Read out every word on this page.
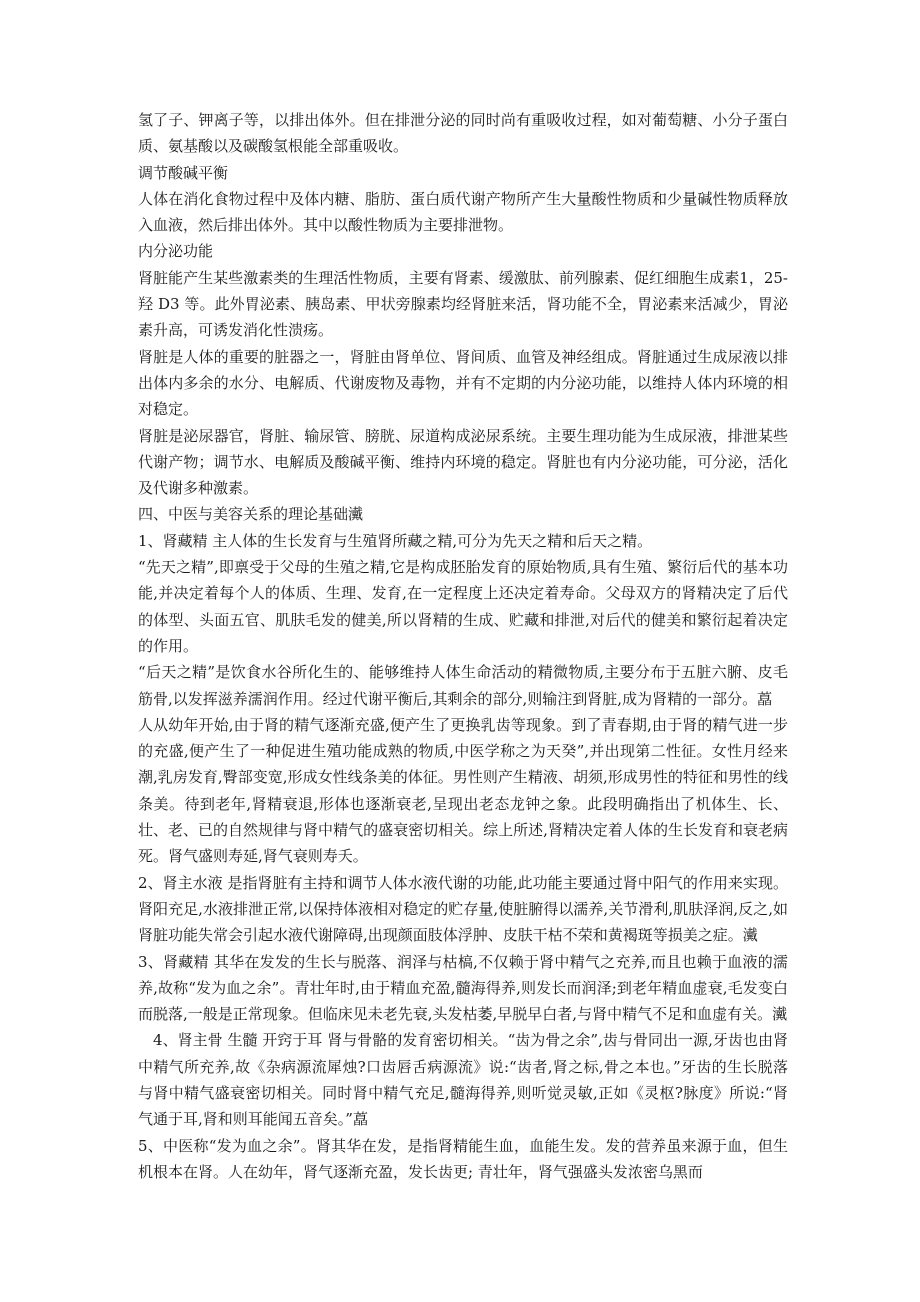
氢了子、钾离子等，以排出体外。但在排泄分泌的同时尚有重吸收过程，如对葡萄糖、小分子蛋白质、氨基酸以及碳酸氢根能全部重吸收。

调节酸碱平衡

人体在消化食物过程中及体内糖、脂肪、蛋白质代谢产物所产生大量酸性物质和少量碱性物质释放入血液，然后排出体外。其中以酸性物质为主要排泄物。

内分泌功能

肾脏能产生某些激素类的生理活性物质，主要有肾素、缓激肽、前列腺素、促红细胞生成素1，25-羟 D3 等。此外胃泌素、胰岛素、甲状旁腺素均经肾脏来活，肾功能不全，胃泌素来活减少，胃泌素升高，可诱发消化性溃疡。

肾脏是人体的重要的脏器之一，肾脏由肾单位、肾间质、血管及神经组成。肾脏通过生成尿液以排出体内多余的水分、电解质、代谢废物及毒物，并有不定期的内分泌功能，以维持人体内环境的相对稳定。

肾脏是泌尿器官，肾脏、输尿管、膀胱、尿道构成泌尿系统。主要生理功能为生成尿液，排泄某些代谢产物；调节水、电解质及酸碱平衡、维持内环境的稳定。肾脏也有内分泌功能，可分泌，活化及代谢多种激素。

四、中医与美容关系的理论基础瀻

1、肾藏精 主人体的生长发育与生殖肾所藏之精,可分为先天之精和后天之精。

“先天之精”,即禀受于父母的生殖之精,它是构成胚胎发育的原始物质,具有生殖、繁衍后代的基本功能,并决定着每个人的体质、生理、发育,在一定程度上还决定着寿命。父母双方的肾精决定了后代的体型、头面五官、肌肤毛发的健美,所以肾精的生成、贮藏和排泄,对后代的健美和繁衍起着决定的作用。

“后天之精”是饮食水谷所化生的、能够维持人体生命活动的精微物质,主要分布于五脏六腑、皮毛筋骨,以发挥滋养濡润作用。经过代谢平衡后,其剩余的部分,则输注到肾脏,成为肾精的一部分。藠

人从幼年开始,由于肾的精气逐渐充盛,便产生了更换乳齿等现象。到了青春期,由于肾的精气进一步的充盛,便产生了一种促进生殖功能成熟的物质,中医学称之为天癸”,并出现第二性征。女性月经来潮,乳房发育,臀部变宽,形成女性线条美的体征。男性则产生精液、胡须,形成男性的特征和男性的线条美。待到老年,肾精衰退,形体也逐渐衰老,呈现出老态龙钟之象。此段明确指出了机体生、长、壮、老、已的自然规律与肾中精气的盛衰密切相关。综上所述,肾精决定着人体的生长发育和衰老病死。肾气盛则寿延,肾气衰则寿夭。

2、肾主水液 是指肾脏有主持和调节人体水液代谢的功能,此功能主要通过肾中阳气的作用来实现。肾阳充足,水液排泄正常,以保持体液相对稳定的贮存量,使脏腑得以濡养,关节滑利,肌肤泽润,反之,如肾脏功能失常会引起水液代谢障碍,出现颜面肢体浮肿、皮肤干枯不荣和黄褐斑等损美之症。瀻

3、肾藏精 其华在发发的生长与脱落、润泽与枯槁,不仅赖于肾中精气之充养,而且也赖于血液的濡养,故称“发为血之余”。青壮年时,由于精血充盈,髓海得养,则发长而润泽;到老年精血虚衰,毛发变白而脱落,一般是正常现象。但临床见未老先衰,头发枯萎,早脱早白者,与肾中精气不足和血虚有关。瀻

4、肾主骨 生髓 开窍于耳 肾与骨骼的发育密切相关。“齿为骨之余”,齿与骨同出一源,牙齿也由肾中精气所充养,故《杂病源流犀烛?口齿唇舌病源流》说:“齿者,肾之标,骨之本也。”牙齿的生长脱落与肾中精气盛衰密切相关。同时肾中精气充足,髓海得养,则听觉灵敏,正如《灵枢?脉度》所说:“肾气通于耳,肾和则耳能闻五音矣。”藠

5、中医称“发为血之余”。肾其华在发，是指肾精能生血，血能生发。发的营养虽来源于血，但生机根本在肾。人在幼年，肾气逐渐充盈，发长齿更; 青壮年，肾气强盛头发浓密乌黑而
